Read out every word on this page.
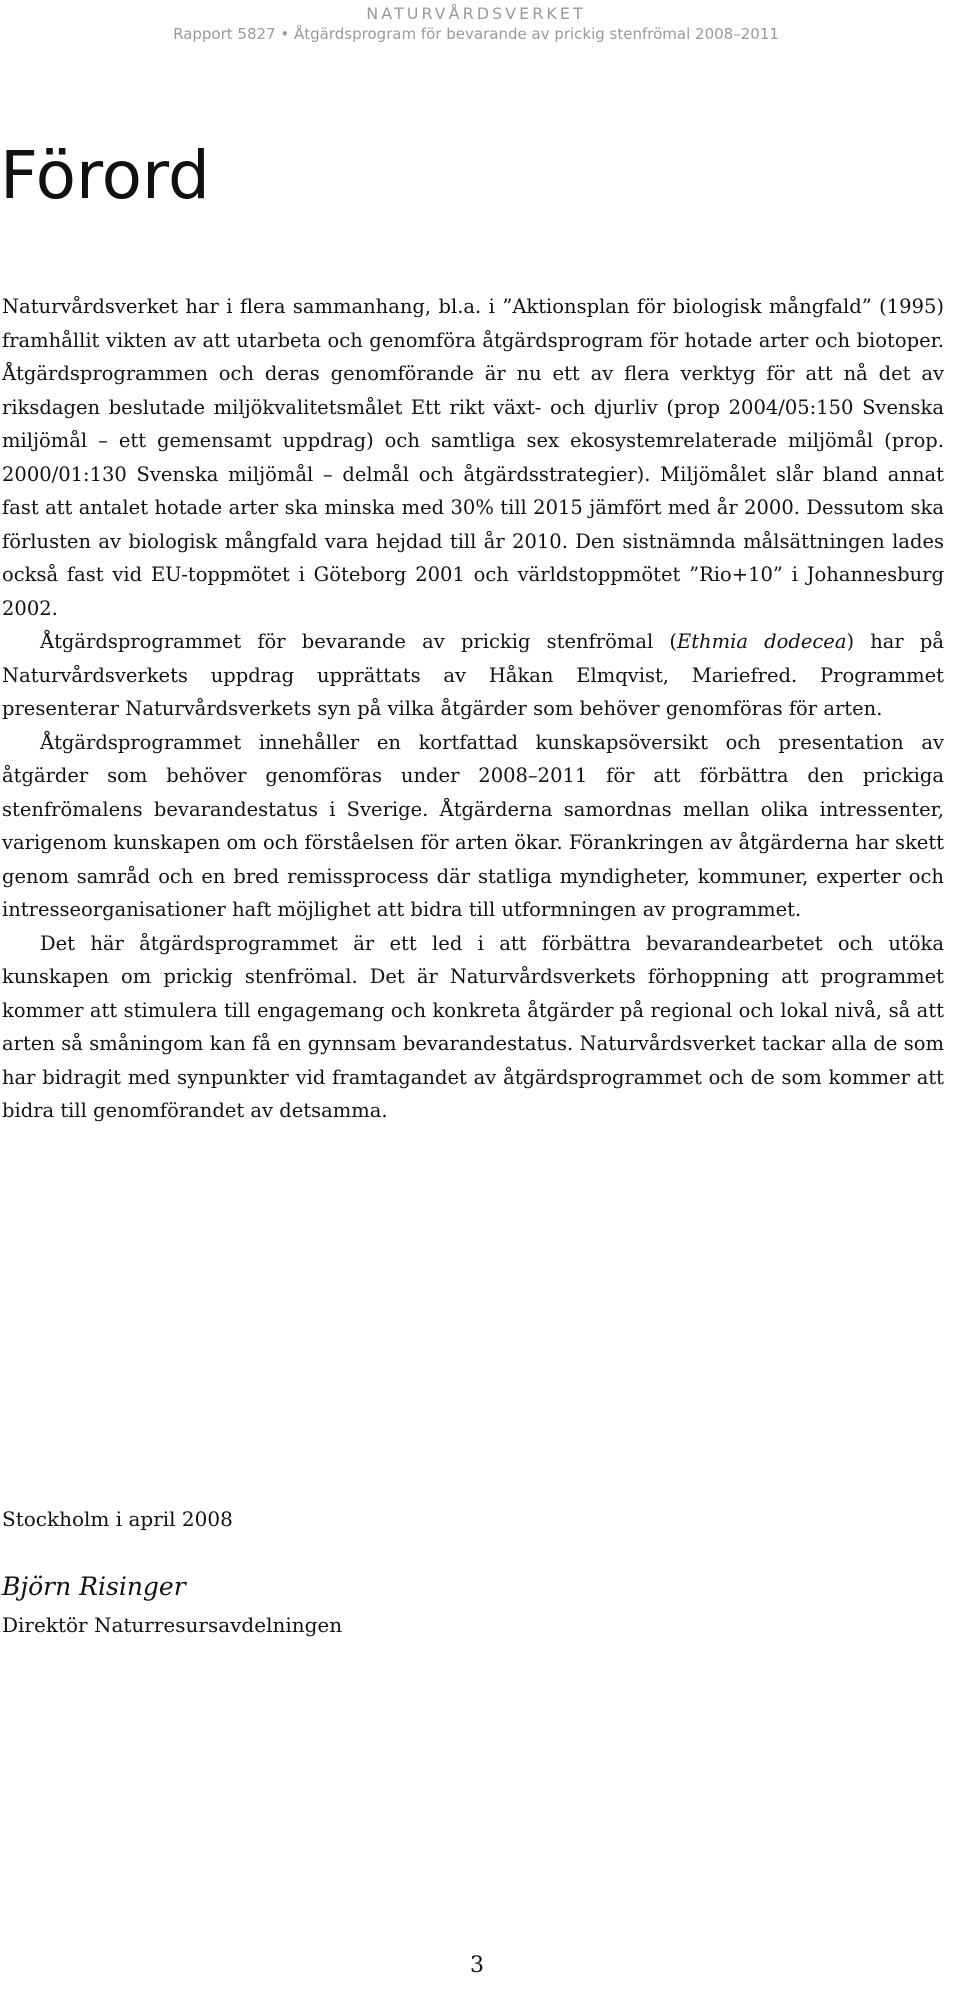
NATURVÅRDSVERKET
Rapport 5827 • Åtgärdsprogram för bevarande av prickig stenfrömal 2008–2011
Förord

Naturvårdsverket har i flera sammanhang, bl.a. i ”Aktionsplan för biologisk mångfald” (1995) framhållit vikten av att utarbeta och genomföra åtgärdsprogram för hotade arter och biotoper. Åtgärdsprogrammen och deras genomförande är nu ett av flera verktyg för att nå det av riksdagen beslutade miljökvalitetsmålet Ett rikt växt- och djurliv (prop 2004/05:150 Svenska miljömål – ett gemensamt uppdrag) och samtliga sex ekosystemrelaterade miljömål (prop. 2000/01:130 Svenska miljömål – delmål och åtgärdsstrategier). Miljömålet slår bland annat fast att antalet hotade arter ska minska med 30% till 2015 jämfört med år 2000. Dessutom ska förlusten av biologisk mångfald vara hejdad till år 2010. Den sistnämnda målsättningen lades också fast vid EU-toppmötet i Göteborg 2001 och världstoppmötet ”Rio+10” i Johannesburg 2002.

Åtgärdsprogrammet för bevarande av prickig stenfrömal (Ethmia dodecea) har på Naturvårdsverkets uppdrag upprättats av Håkan Elmqvist, Mariefred. Programmet presenterar Naturvårdsverkets syn på vilka åtgärder som behöver genomföras för arten.

Åtgärdsprogrammet innehåller en kortfattad kunskapsöversikt och presentation av åtgärder som behöver genomföras under 2008–2011 för att förbättra den prickiga stenfrömalens bevarandestatus i Sverige. Åtgärderna samordnas mellan olika intressenter, varigenom kunskapen om och förståelsen för arten ökar. Förankringen av åtgärderna har skett genom samråd och en bred remissprocess där statliga myndigheter, kommuner, experter och intresseorganisationer haft möjlighet att bidra till utformningen av programmet.

Det här åtgärdsprogrammet är ett led i att förbättra bevarandearbetet och utöka kunskapen om prickig stenfrömal. Det är Naturvårdsverkets förhoppning att programmet kommer att stimulera till engagemang och konkreta åtgärder på regional och lokal nivå, så att arten så småningom kan få en gynnsam bevarandestatus. Naturvårdsverket tackar alla de som har bidragit med synpunkter vid framtagandet av åtgärdsprogrammet och de som kommer att bidra till genomförandet av detsamma.

Stockholm i april 2008
Björn Risinger
Direktör Naturresursavdelningen
3
